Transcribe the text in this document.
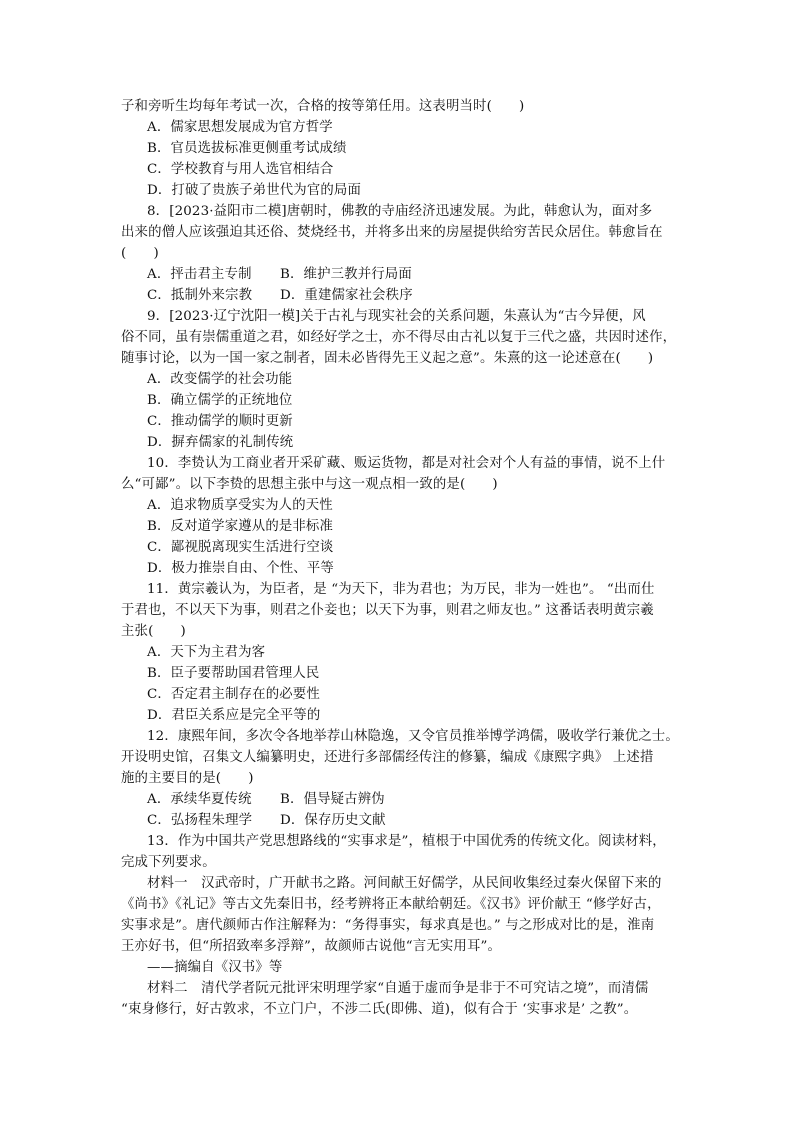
子和旁听生均每年考试一次，合格的按等第任用。这表明当时(　　)
A．儒家思想发展成为官方哲学
B．官员选拔标准更侧重考试成绩
C．学校教育与用人选官相结合
D．打破了贵族子弟世代为官的局面
8．[2023·益阳市二模]唐朝时，佛教的寺庙经济迅速发展。为此，韩愈认为，面对多
出来的僧人应该强迫其还俗、焚烧经书，并将多出来的房屋提供给穷苦民众居住。韩愈旨在
(　　)
A．抨击君主专制 B．维护三教并行局面
C．抵制外来宗教 D．重建儒家社会秩序
9．[2023·辽宁沈阳一模]关于古礼与现实社会的关系问题，朱熹认为“古今异便，风
俗不同，虽有崇儒重道之君，如经好学之士，亦不得尽由古礼以复于三代之盛，共因时述作，
随事讨论，以为一国一家之制者，固未必皆得先王义起之意”。朱熹的这一论述意在(　　)
A．改变儒学的社会功能
B．确立儒学的正统地位
C．推动儒学的顺时更新
D．摒弃儒家的礼制传统
10．李贽认为工商业者开采矿藏、贩运货物，都是对社会对个人有益的事情，说不上什
么“可鄙”。以下李贽的思想主张中与这一观点相一致的是(　　)
A．追求物质享受实为人的天性
B．反对道学家遵从的是非标准
C．鄙视脱离现实生活进行空谈
D．极力推崇自由、个性、平等
11．黄宗羲认为，为臣者，是 “为天下，非为君也；为万民，非为一姓也”。 “出而仕
于君也，不以天下为事，则君之仆妾也；以天下为事，则君之师友也。” 这番话表明黄宗羲
主张(　　)
A．天下为主君为客
B．臣子要帮助国君管理人民
C．否定君主制存在的必要性
D．君臣关系应是完全平等的
12．康熙年间，多次令各地举荐山林隐逸，又令官员推举博学鸿儒，吸收学行兼优之士。
开设明史馆，召集文人编纂明史，还进行多部儒经传注的修纂，编成《康熙字典》 上述措
施的主要目的是(　　)
A．承续华夏传统 B．倡导疑古辨伪
C．弘扬程朱理学 D．保存历史文献
13．作为中国共产党思想路线的“实事求是”，植根于中国优秀的传统文化。阅读材料，
完成下列要求。
材料一　汉武帝时，广开献书之路。河间献王好儒学，从民间收集经过秦火保留下来的
《尚书》《礼记》等古文先秦旧书，经考辨将正本献给朝廷。《汉书》评价献王 “修学好古，
实事求是”。唐代颜师古作注解释为：“务得事实，每求真是也。” 与之形成对比的是，淮南
王亦好书，但“所招致率多浮辩”，故颜师古说他“言无实用耳”。
——摘编自《汉书》等
材料二　清代学者阮元批评宋明理学家“自遁于虚而争是非于不可究诘之境”，而清儒
“束身修行，好古敦求，不立门户，不涉二氏(即佛、道)，似有合于 ‘实事求是’ 之教”。
